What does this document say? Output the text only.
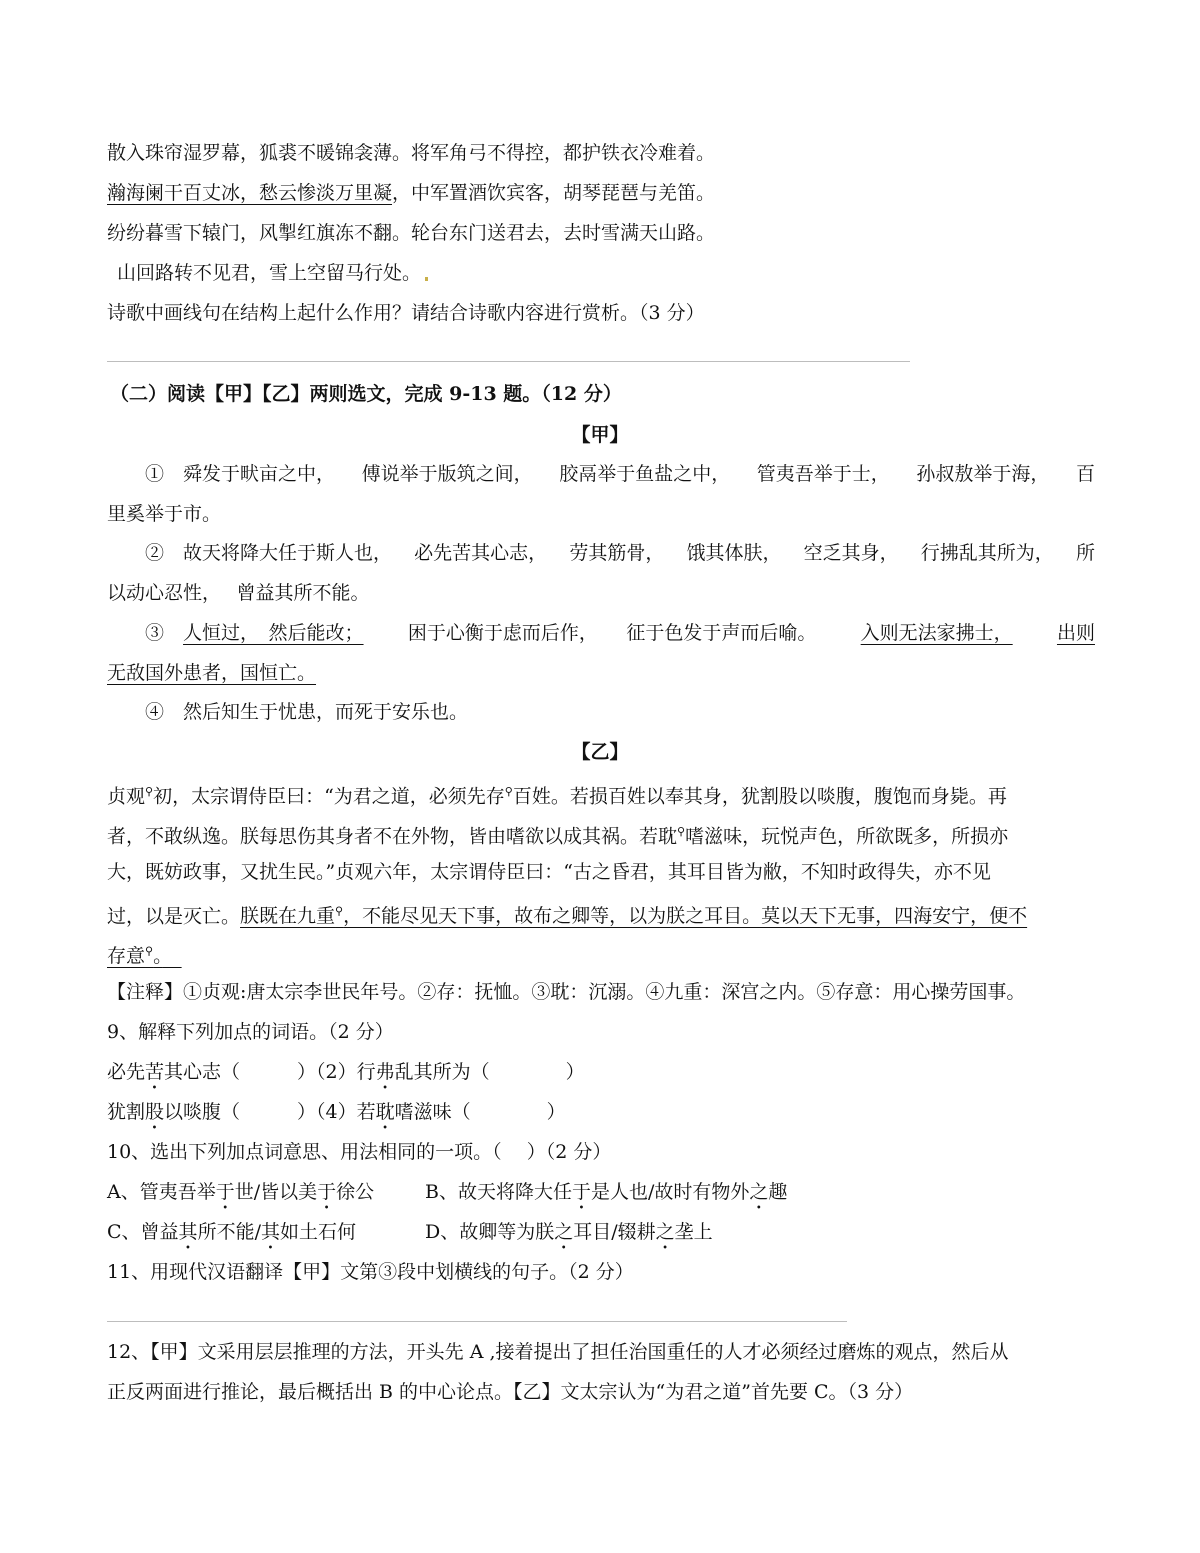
散入珠帘湿罗幕，狐裘不暖锦衾薄。将军角弓不得控，都护铁衣冷难着。
瀚海阑干百丈冰，愁云惨淡万里凝，中军置酒饮宾客，胡琴琵琶与羌笛。
纷纷暮雪下辕门，风掣红旗冻不翻。轮台东门送君去，去时雪满天山路。
山回路转不见君，雪上空留马行处。
诗歌中画线句在结构上起什么作用？请结合诗歌内容进行赏析。（3 分）
（二）阅读【甲】【乙】两则选文，完成 9-13 题。（12 分）
【甲】
①　舜发于畎亩之中， 傅说举于版筑之间， 胶鬲举于鱼盐之中， 管夷吾举于士， 孙叔敖举于海， 百
里奚举于市。
②　故天将降大任于斯人也， 必先苦其心志， 劳其筋骨， 饿其体肤， 空乏其身， 行拂乱其所为， 所
以动心忍性，　 曾益其所不能。
③　 人恒过，　然后能改； 困于心衡于虑而后作，　　征于色发于声而后喻。 入则无法家拂士， 出则
无敌国外患者，国恒亡。
④　然后知生于忧患，而死于安乐也。
【乙】
贞观⚲初，太宗谓侍臣曰：“为君之道，必须先存⚲百姓。若损百姓以奉其身，犹割股以啖腹，腹饱而身毙。再
者，不敢纵逸。朕每思伤其身者不在外物，皆由嗜欲以成其祸。若耽⚲嗜滋味，玩悦声色，所欲既多，所损亦
大，既妨政事，又扰生民。”贞观六年，太宗谓侍臣曰：“古之昏君，其耳目皆为敝，不知时政得失，亦不见
过，以是灭亡。朕既在九重⚲，不能尽见天下事，故布之卿等，以为朕之耳目。莫以天下无事，四海安宁，便不
存意⚲。　
【注释】①贞观:唐太宗李世民年号。②存：抚恤。③耽：沉溺。④九重：深宫之内。⑤存意：用心操劳国事。
9、解释下列加点的词语。（2 分）
必先苦其心志（　　　）（2）行弗乱其所为（　　　　）
犹割股以啖腹（　　　）（4）若耽嗜滋味（　　　　）
10、选出下列加点词意思、用法相同的一项。（　 ）（2 分）
A、管夷吾举于世/皆以美于徐公	B、故天将降大任于是人也/故时有物外之趣
C、曾益其所不能/其如土石何	D、故卿等为朕之耳目/辍耕之垄上
11、用现代汉语翻译【甲】文第③段中划横线的句子。（2 分）
12、【甲】文采用层层推理的方法，开头先 A ,接着提出了担任治国重任的人才必须经过磨炼的观点，然后从
正反两面进行推论，最后概括出 B 的中心论点。【乙】文太宗认为“为君之道”首先要 C。（3 分）
